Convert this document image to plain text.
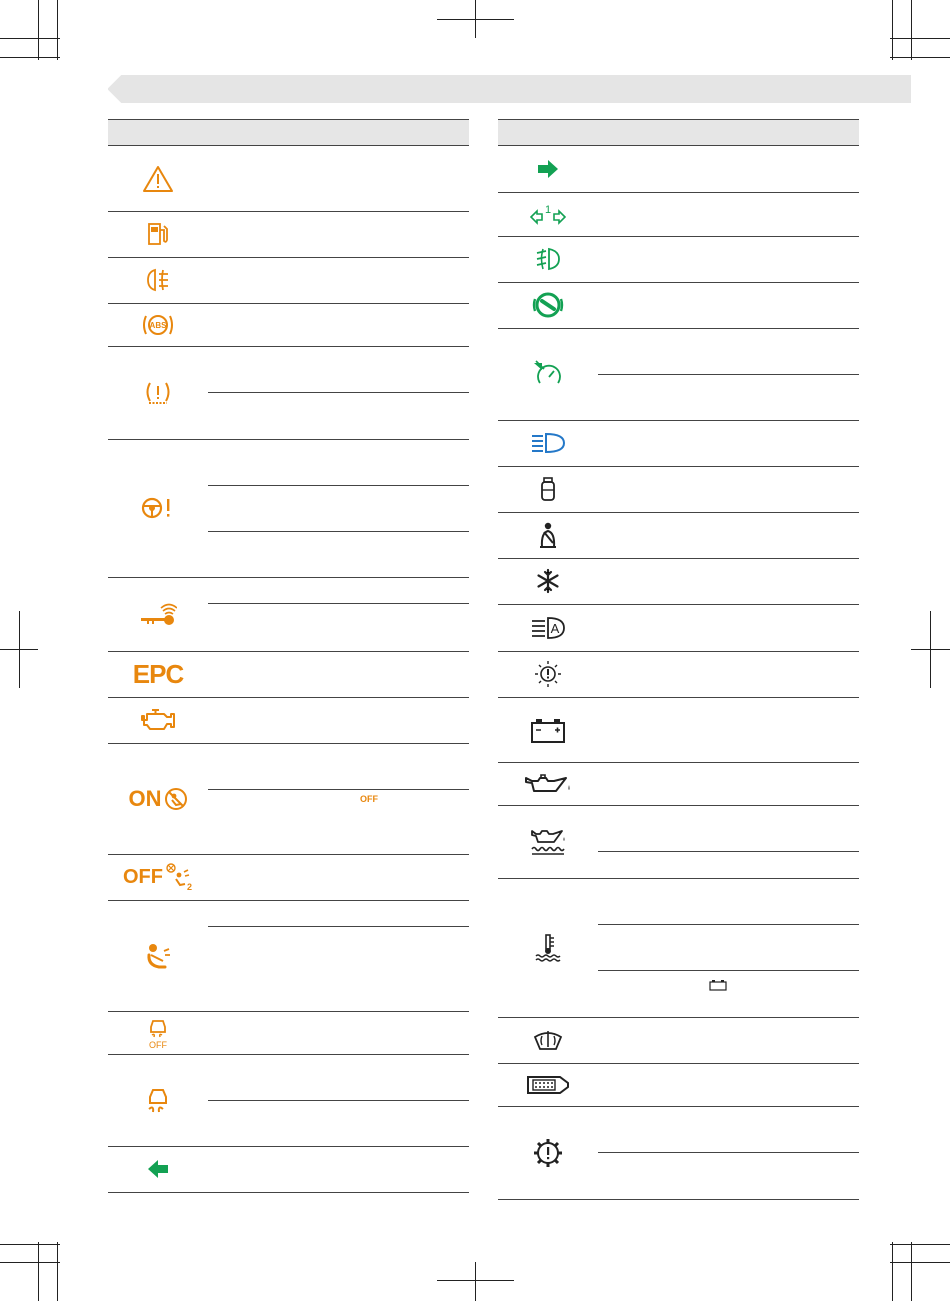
ABS
EPC
ON
OFF	2
OFF
OFF
1
A
